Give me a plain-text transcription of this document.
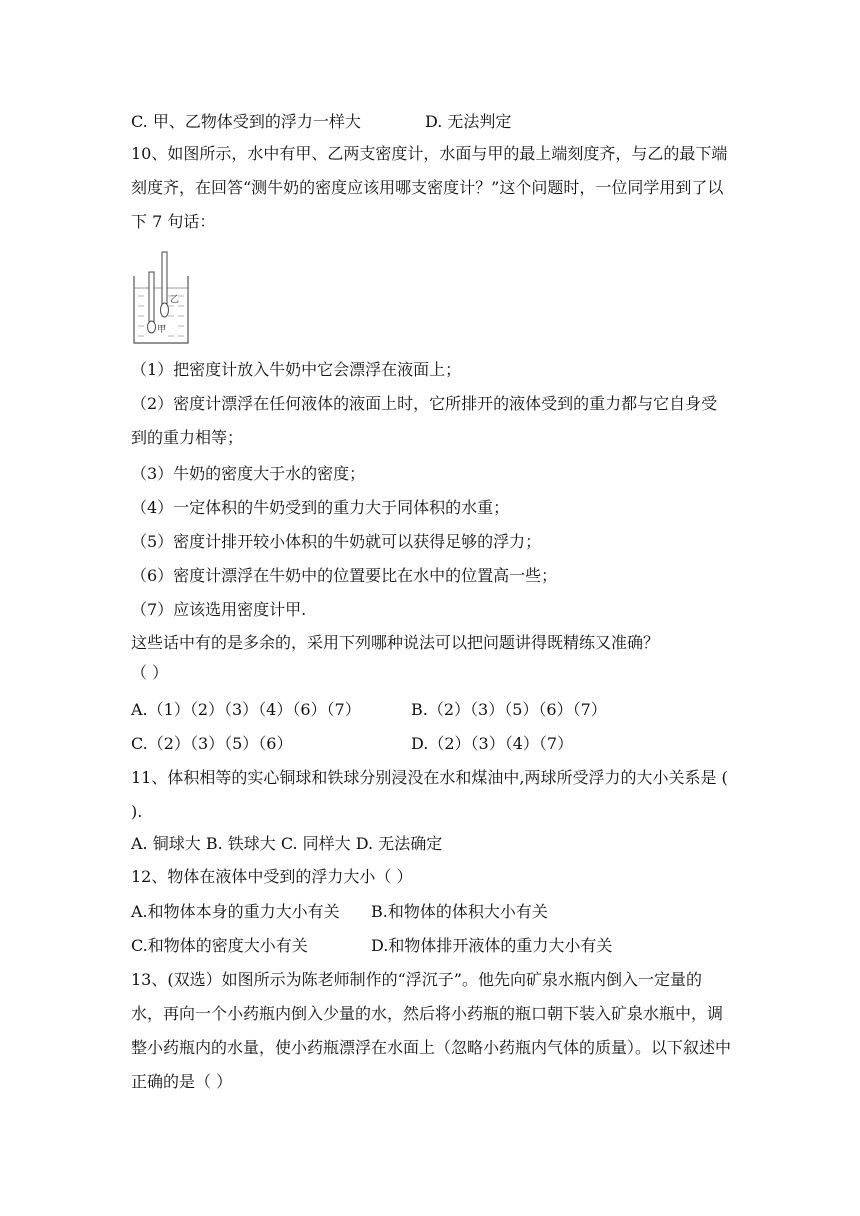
C. 甲、乙物体受到的浮力一样大	D. 无法判定
10、如图所示，水中有甲、乙两支密度计，水面与甲的最上端刻度齐，与乙的最下端刻度齐，在回答“测牛奶的密度应该用哪支密度计？”这个问题时，一位同学用到了以下 7 句话：
乙
甲
（1）把密度计放入牛奶中它会漂浮在液面上；
（2）密度计漂浮在任何液体的液面上时，它所排开的液体受到的重力都与它自身受到的重力相等；
（3）牛奶的密度大于水的密度；
（4）一定体积的牛奶受到的重力大于同体积的水重；
（5）密度计排开较小体积的牛奶就可以获得足够的浮力；
（6）密度计漂浮在牛奶中的位置要比在水中的位置高一些；
（7）应该选用密度计甲.
这些话中有的是多余的，采用下列哪种说法可以把问题讲得既精练又准确？
（ ）
A.（1）（2）（3）（4）（6）（7）	B.（2）（3）（5）（6）（7）
C.（2）（3）（5）（6）	D.（2）（3）（4）（7）
11、体积相等的实心铜球和铁球分别浸没在水和煤油中,两球所受浮力的大小关系是 ( ).
A. 铜球大 B. 铁球大 C. 同样大 D. 无法确定
12、物体在液体中受到的浮力大小（ ）
A.和物体本身的重力大小有关 B.和物体的体积大小有关
C.和物体的密度大小有关	D.和物体排开液体的重力大小有关
13、(双选）如图所示为陈老师制作的“浮沉子”。他先向矿泉水瓶内倒入一定量的水，再向一个小药瓶内倒入少量的水，然后将小药瓶的瓶口朝下装入矿泉水瓶中，调整小药瓶内的水量，使小药瓶漂浮在水面上（忽略小药瓶内气体的质量）。以下叙述中正确的是（ ）
